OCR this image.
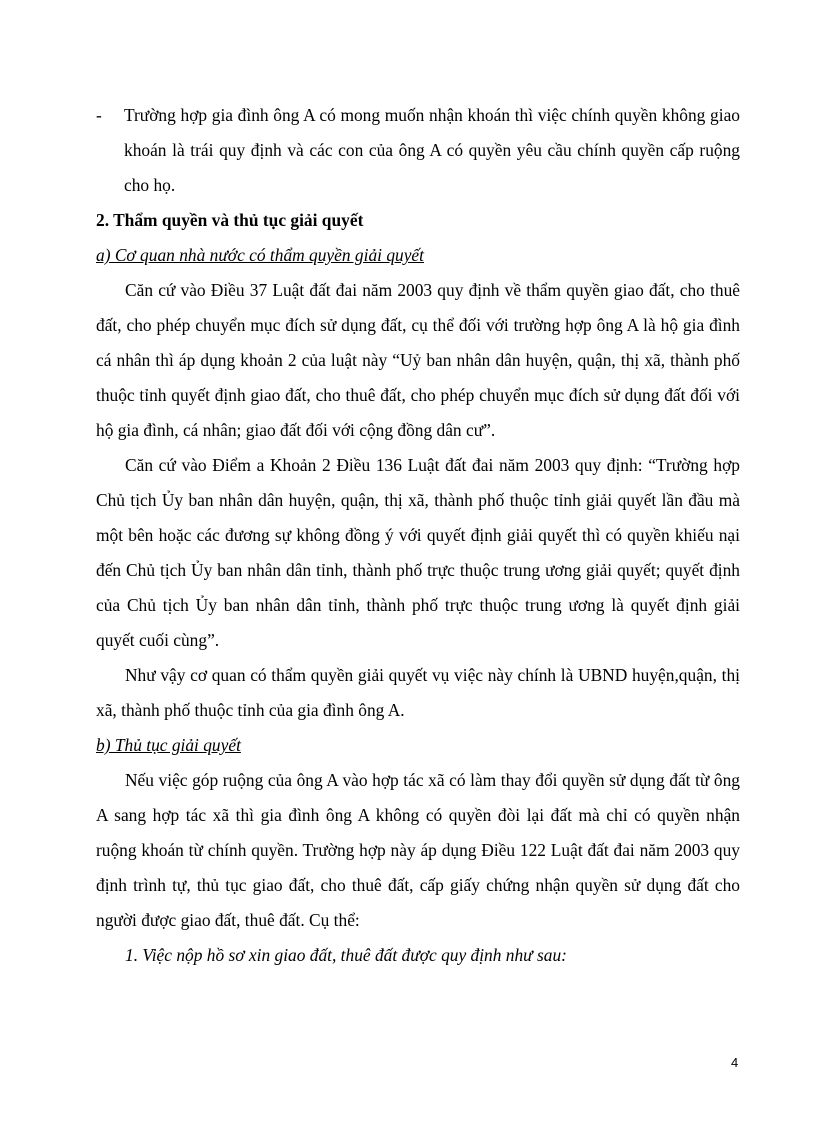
-	Trường hợp gia đình ông A có mong muốn nhận khoán thì việc chính quyền không giao khoán là trái quy định và các con của ông A có quyền yêu cầu chính quyền cấp ruộng cho họ.

2. Thẩm quyền và thủ tục giải quyết

a) Cơ quan nhà nước có thẩm quyền giải quyết

Căn cứ vào Điều 37 Luật đất đai năm 2003 quy định về thẩm quyền giao đất, cho thuê đất, cho phép chuyển mục đích sử dụng đất, cụ thể đối với trường hợp ông A là hộ gia đình cá nhân thì áp dụng khoản 2 của luật này “Uỷ ban nhân dân huyện, quận, thị xã, thành phố thuộc tỉnh quyết định giao đất, cho thuê đất, cho phép chuyển mục đích sử dụng đất đối với hộ gia đình, cá nhân; giao đất đối với cộng đồng dân cư”.

Căn cứ vào Điểm a Khoản 2 Điều 136 Luật đất đai năm 2003 quy định: “Trường hợp Chủ tịch Ủy ban nhân dân huyện, quận, thị xã, thành phố thuộc tỉnh giải quyết lần đầu mà một bên hoặc các đương sự không đồng ý với quyết định giải quyết thì có quyền khiếu nại đến Chủ tịch Ủy ban nhân dân tỉnh, thành phố trực thuộc trung ương giải quyết; quyết định của Chủ tịch Ủy ban nhân dân tỉnh, thành phố trực thuộc trung ương là quyết định giải quyết cuối cùng”.

Như vậy cơ quan có thẩm quyền giải quyết vụ việc này chính là UBND huyện,quận, thị xã, thành phố thuộc tỉnh của gia đình ông A.

b) Thủ tục giải quyết

Nếu việc góp ruộng của ông A vào hợp tác xã có làm thay đổi quyền sử dụng đất từ ông A sang hợp tác xã thì gia đình ông A không có quyền đòi lại đất mà chỉ có quyền nhận ruộng khoán từ chính quyền. Trường hợp này áp dụng Điều 122 Luật đất đai năm 2003 quy định trình tự, thủ tục giao đất, cho thuê đất, cấp giấy chứng nhận quyền sử dụng đất cho người được giao đất, thuê đất. Cụ thể:

1. Việc nộp hồ sơ xin giao đất, thuê đất được quy định như sau:

4
